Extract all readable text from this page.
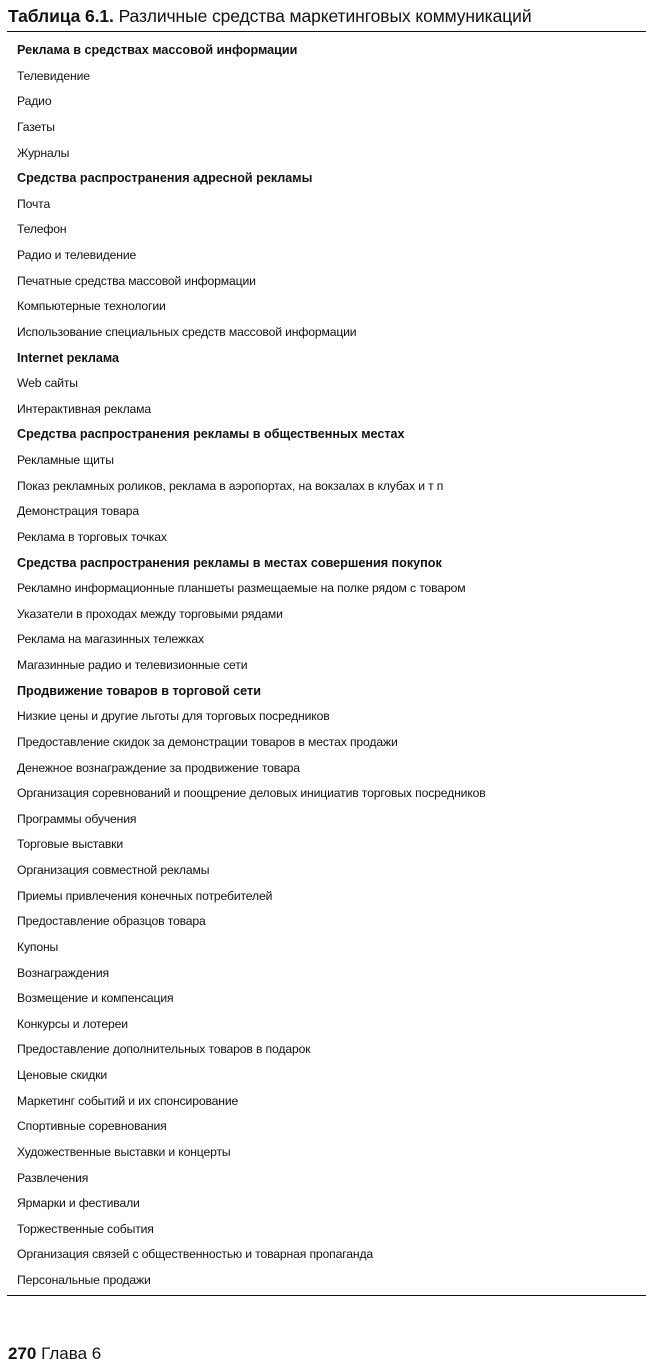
Таблица 6.1. Различные средства маркетинговых коммуникаций
Реклама в средствах массовой информации
Телевидение
Радио
Газеты
Журналы
Средства распространения адресной рекламы
Почта
Телефон
Радио и телевидение
Печатные средства массовой информации
Компьютерные технологии
Использование специальных средств массовой информации
Internet реклама
Web сайты
Интерактивная реклама
Средства распространения рекламы в общественных местах
Рекламные щиты
Показ рекламных роликов, реклама в аэропортах, на вокзалах в клубах и т п
Демонстрация товара
Реклама в торговых точках
Средства распространения рекламы в местах совершения покупок
Рекламно информационные планшеты размещаемые на полке рядом с товаром
Указатели в проходах между торговыми рядами
Реклама на магазинных тележках
Магазинные радио и телевизионные сети
Продвижение товаров в торговой сети
Низкие цены и другие льготы для торговых посредников
Предоставление скидок за демонстрации товаров в местах продажи
Денежное вознаграждение за продвижение товара
Организация соревнований и поощрение деловых инициатив торговых посредников
Программы обучения
Торговые выставки
Организация совместной рекламы
Приемы привлечения конечных потребителей
Предоставление образцов товара
Купоны
Вознаграждения
Возмещение и компенсация
Конкурсы и лотереи
Предоставление дополнительных товаров в подарок
Ценовые скидки
Маркетинг событий и их спонсирование
Спортивные соревнования
Художественные выставки и концерты
Развлечения
Ярмарки и фестивали
Торжественные события
Организация связей с общественностью и товарная пропаганда
Персональные продажи
270 Глава 6
